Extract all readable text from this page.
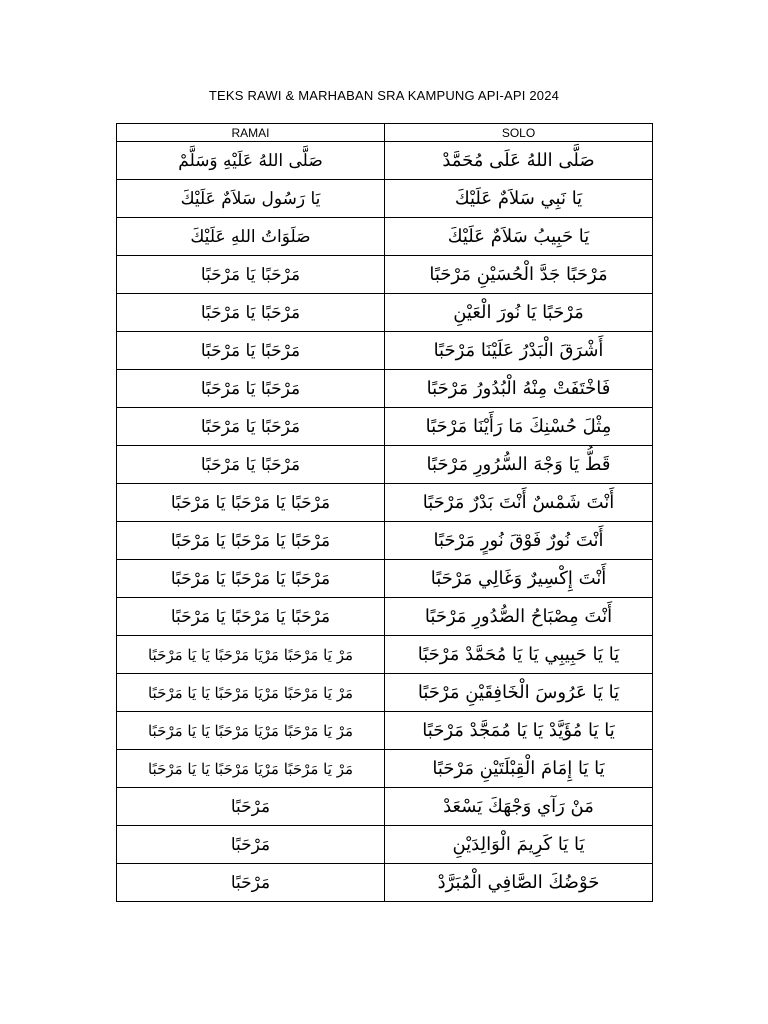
TEKS RAWI & MARHABAN SRA KAMPUNG API-API 2024
RAMAI	SOLO
صَلَّى اللهُ عَلَيْهِ وَسَلَّمْ	صَلَّى اللهُ عَلَى مُحَمَّدْ
يَا رَسُول سَلاَمٌ عَلَيْكَ	يَا نَبِي سَلاَمٌ عَلَيْكَ
صَلَوَاتُ اللهِ عَلَيْكَ	يَا حَبِيبُ سَلاَمٌ عَلَيْكَ
مَرْحَبًا يَا مَرْحَبًا	مَرْحَبًا جَدَّ الْحُسَيْنِ مَرْحَبًا
مَرْحَبًا يَا مَرْحَبًا	مَرْحَبًا يَا نُورَ الْعَيْنِ
مَرْحَبًا يَا مَرْحَبًا	أَشْرَقَ الْبَدْرُ عَلَيْنَا مَرْحَبًا
مَرْحَبًا يَا مَرْحَبًا	فَاخْتَفَتْ مِنْهُ الْبُدُورُ مَرْحَبًا
مَرْحَبًا يَا مَرْحَبًا	مِثْلَ حُسْنِكَ مَا رَأَيْنَا مَرْحَبًا
مَرْحَبًا يَا مَرْحَبًا	قَطُّ يَا وَجْهَ السُّرُورِ مَرْحَبًا
مَرْحَبًا يَا مَرْحَبًا يَا مَرْحَبًا	أَنْتَ شَمْسٌ أَنْتَ بَدْرٌ مَرْحَبًا
مَرْحَبًا يَا مَرْحَبًا يَا مَرْحَبًا	أَنْتَ نُورٌ فَوْقَ نُورٍ مَرْحَبًا
مَرْحَبًا يَا مَرْحَبًا يَا مَرْحَبًا	أَنْتَ إِكْسِيرٌ وَغَالِي مَرْحَبًا
مَرْحَبًا يَا مَرْحَبًا يَا مَرْحَبًا	أَنْتَ مِصْبَاحُ الصُّدُورِ مَرْحَبًا
مَرْ يَا مَرْحَبًا مَرْيَا مَرْحَبًا يَا يَا مَرْحَبًا	يَا يَا حَبِيبِي يَا يَا مُحَمَّدْ مَرْحَبًا
مَرْ يَا مَرْحَبًا مَرْيَا مَرْحَبًا يَا يَا مَرْحَبًا	يَا يَا عَرُوسَ الْخَافِقَيْنِ مَرْحَبًا
مَرْ يَا مَرْحَبًا مَرْيَا مَرْحَبًا يَا يَا مَرْحَبًا	يَا يَا مُؤَيَّدْ يَا يَا مُمَجَّدْ مَرْحَبًا
مَرْ يَا مَرْحَبًا مَرْيَا مَرْحَبًا يَا يَا مَرْحَبًا	يَا يَا إِمَامَ الْقِبْلَتَيْنِ مَرْحَبًا
مَرْحَبًا	مَنْ رَآي وَجْهَكَ يَسْعَدْ
مَرْحَبًا	يَا يَا كَرِيمَ الْوَالِدَيْنِ
مَرْحَبًا	حَوْضُكَ الصَّافِي الْمُبَرَّدْ
